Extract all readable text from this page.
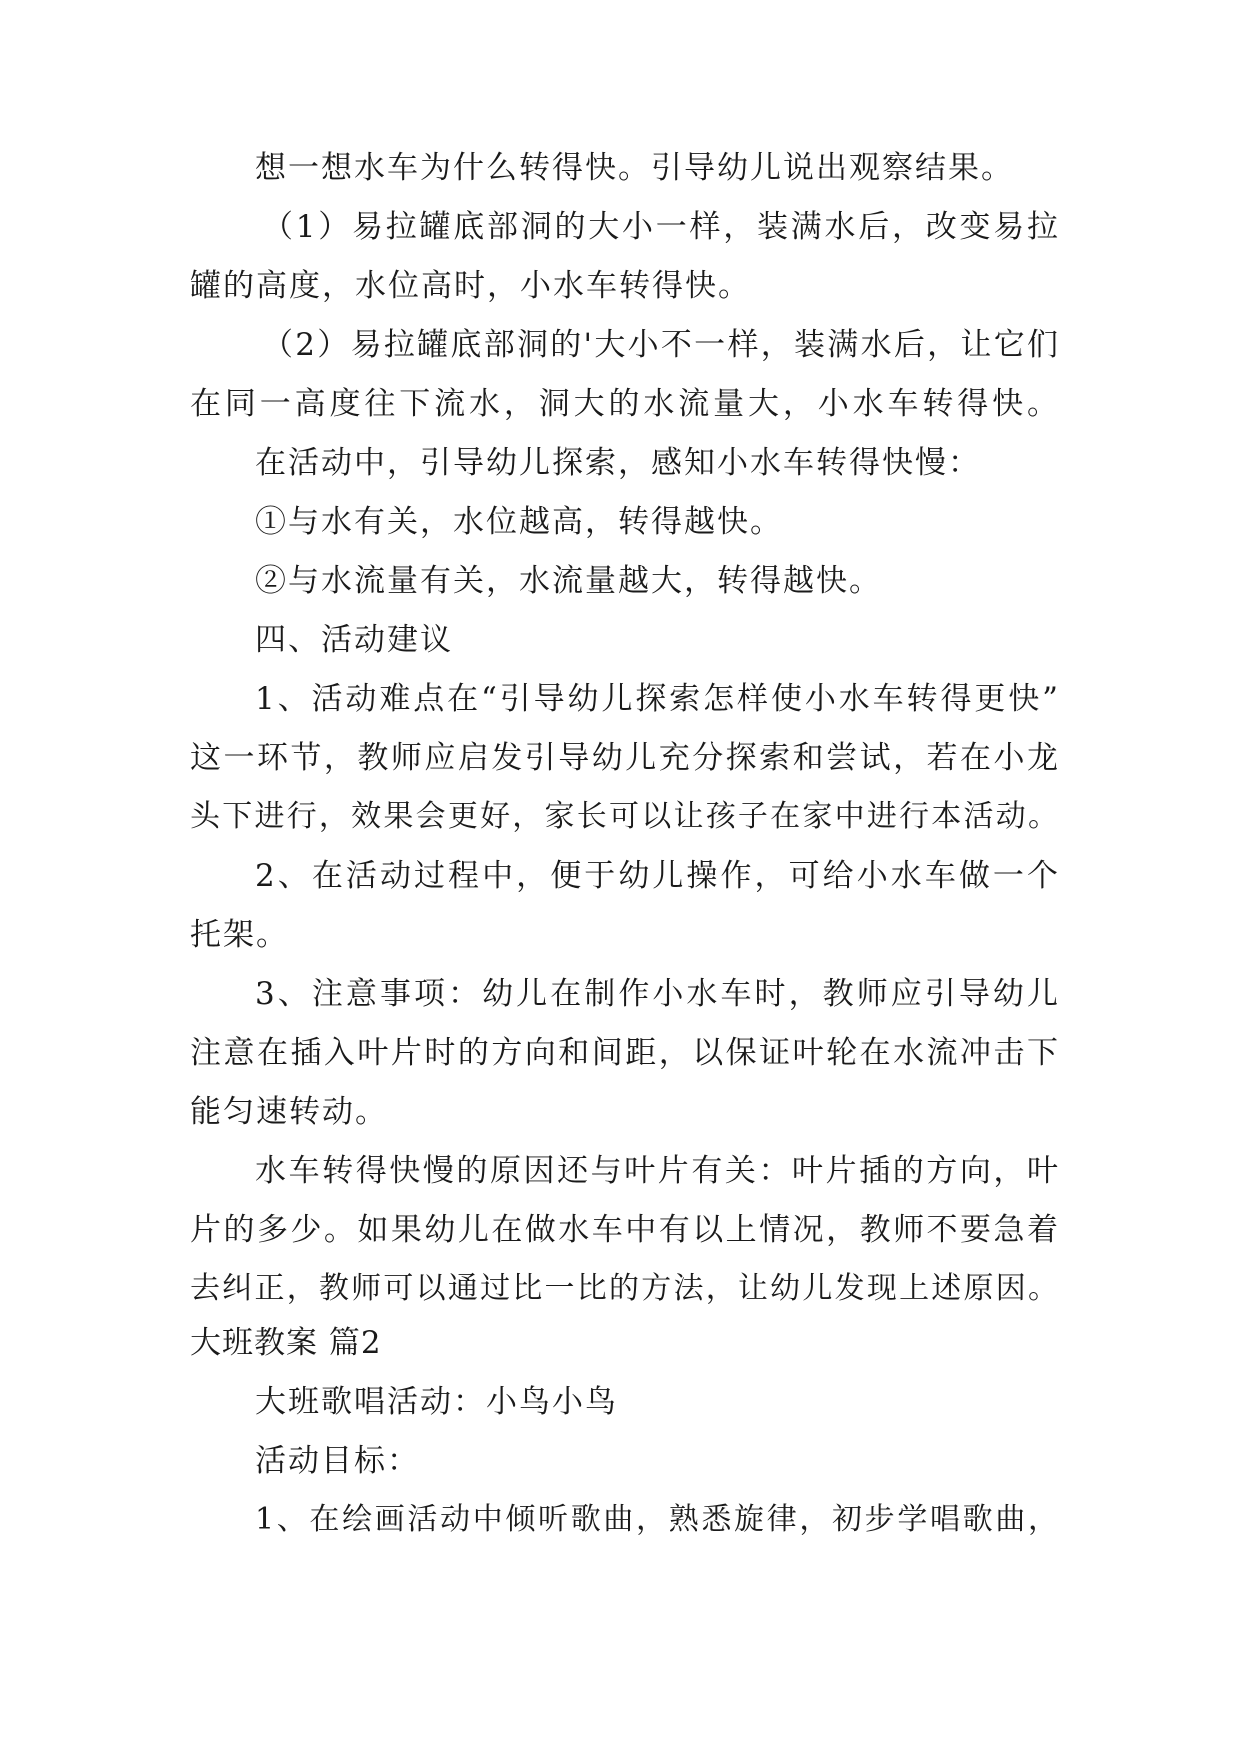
想一想水车为什么转得快。引导幼儿说出观察结果。
（1）易拉罐底部洞的大小一样，装满水后，改变易拉
罐的高度，水位高时，小水车转得快。
（2）易拉罐底部洞的'大小不一样，装满水后，让它们
在同一高度往下流水，洞大的水流量大，小水车转得快。
在活动中，引导幼儿探索，感知小水车转得快慢：
①与水有关，水位越高，转得越快。
②与水流量有关，水流量越大，转得越快。
四、活动建议
1、活动难点在“引导幼儿探索怎样使小水车转得更快”
这一环节，教师应启发引导幼儿充分探索和尝试，若在小龙
头下进行，效果会更好，家长可以让孩子在家中进行本活动。
2、在活动过程中，便于幼儿操作，可给小水车做一个
托架。
3、注意事项：幼儿在制作小水车时，教师应引导幼儿
注意在插入叶片时的方向和间距，以保证叶轮在水流冲击下
能匀速转动。
水车转得快慢的原因还与叶片有关：叶片插的方向，叶
片的多少。如果幼儿在做水车中有以上情况，教师不要急着
去纠正，教师可以通过比一比的方法，让幼儿发现上述原因。
大班教案 篇2
大班歌唱活动：小鸟小鸟
活动目标：
1、在绘画活动中倾听歌曲，熟悉旋律，初步学唱歌曲，
